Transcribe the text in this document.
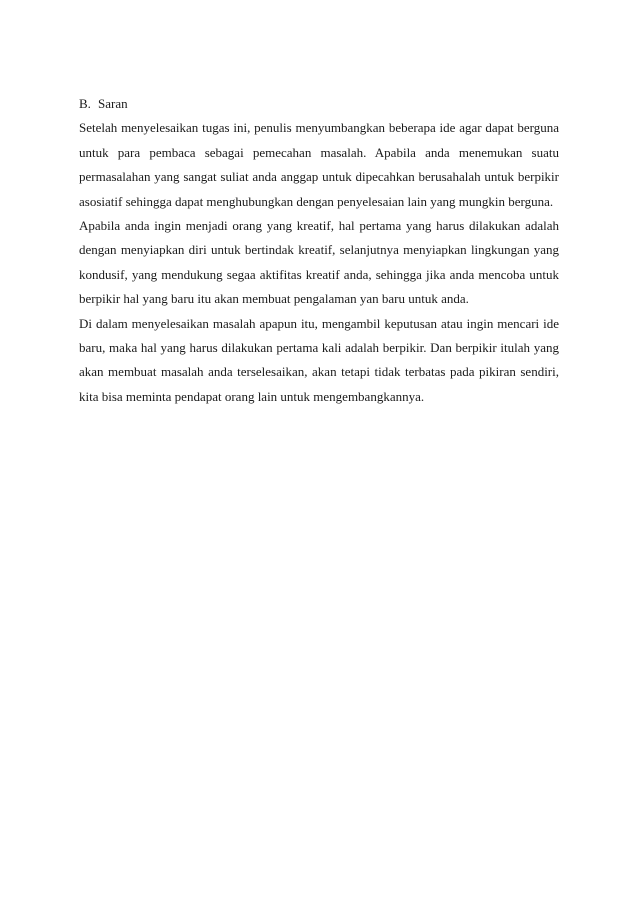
B. Saran

Setelah menyelesaikan tugas ini, penulis menyumbangkan beberapa ide agar dapat berguna untuk para pembaca sebagai pemecahan masalah. Apabila anda menemukan suatu permasalahan yang sangat suliat anda anggap untuk dipecahkan berusahalah untuk berpikir asosiatif sehingga dapat menghubungkan dengan penyelesaian lain yang mungkin berguna.

Apabila anda ingin menjadi orang yang kreatif, hal pertama yang harus dilakukan adalah dengan menyiapkan diri untuk bertindak kreatif, selanjutnya menyiapkan lingkungan yang kondusif, yang mendukung segaa aktifitas kreatif anda, sehingga jika anda mencoba untuk berpikir hal yang baru itu akan membuat pengalaman yan baru untuk anda.

Di dalam menyelesaikan masalah apapun itu, mengambil keputusan atau ingin mencari ide baru, maka hal yang harus dilakukan pertama kali adalah berpikir. Dan berpikir itulah yang akan membuat masalah anda terselesaikan, akan tetapi tidak terbatas pada pikiran sendiri, kita bisa meminta pendapat orang lain untuk mengembangkannya.
